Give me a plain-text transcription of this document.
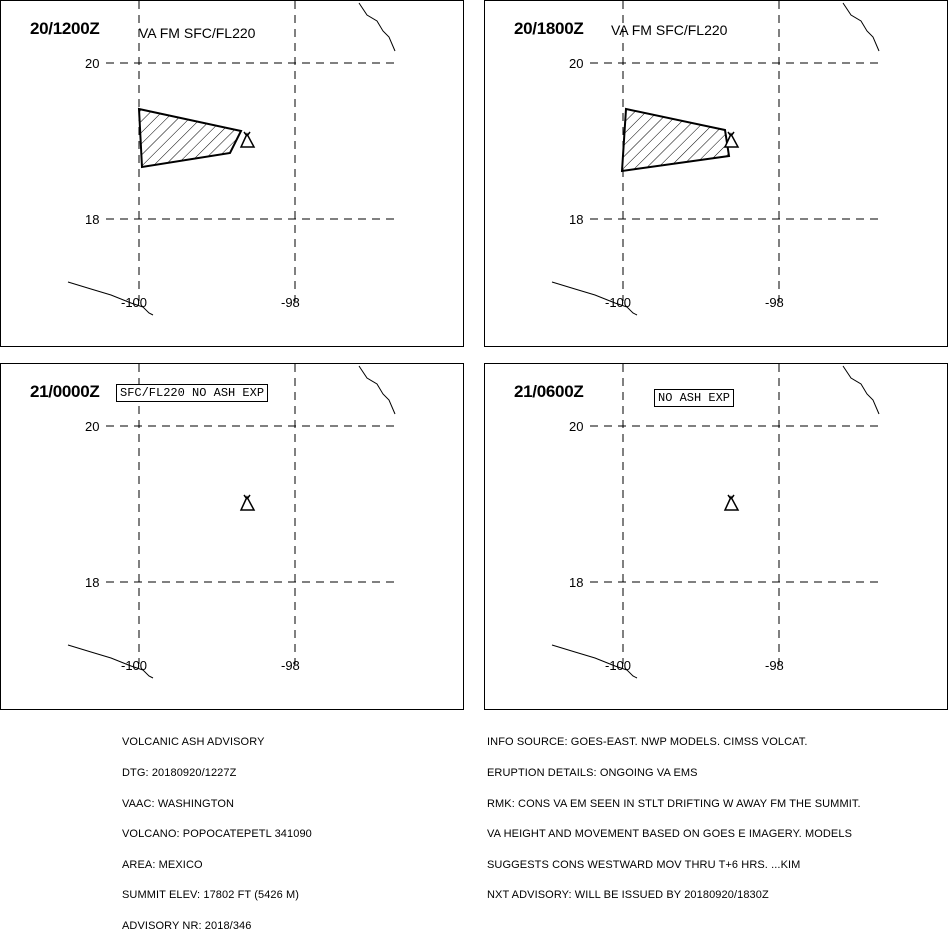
20/1200Z	VA FM SFC/FL220
20
18
-100	-98
20/1800Z VA FM SFC/FL220
20
18
-100	-98
21/0000Z	SFC/FL220 NO ASH EXP
20
18
-100	-98
21/0600Z	NO ASH EXP
20
18
-100	-98

VOLCANIC ASH ADVISORY

DTG: 20180920/1227Z

VAAC: WASHINGTON

VOLCANO: POPOCATEPETL 341090

AREA: MEXICO

SUMMIT ELEV: 17802 FT (5426 M)

ADVISORY NR: 2018/346

INFO SOURCE: GOES-EAST. NWP MODELS. CIMSS VOLCAT.

ERUPTION DETAILS: ONGOING VA EMS

RMK: CONS VA EM SEEN IN STLT DRIFTING W AWAY FM THE SUMMIT.

VA HEIGHT AND MOVEMENT BASED ON GOES E IMAGERY. MODELS

SUGGESTS CONS WESTWARD MOV THRU T+6 HRS. ...KIM

NXT ADVISORY: WILL BE ISSUED BY 20180920/1830Z
